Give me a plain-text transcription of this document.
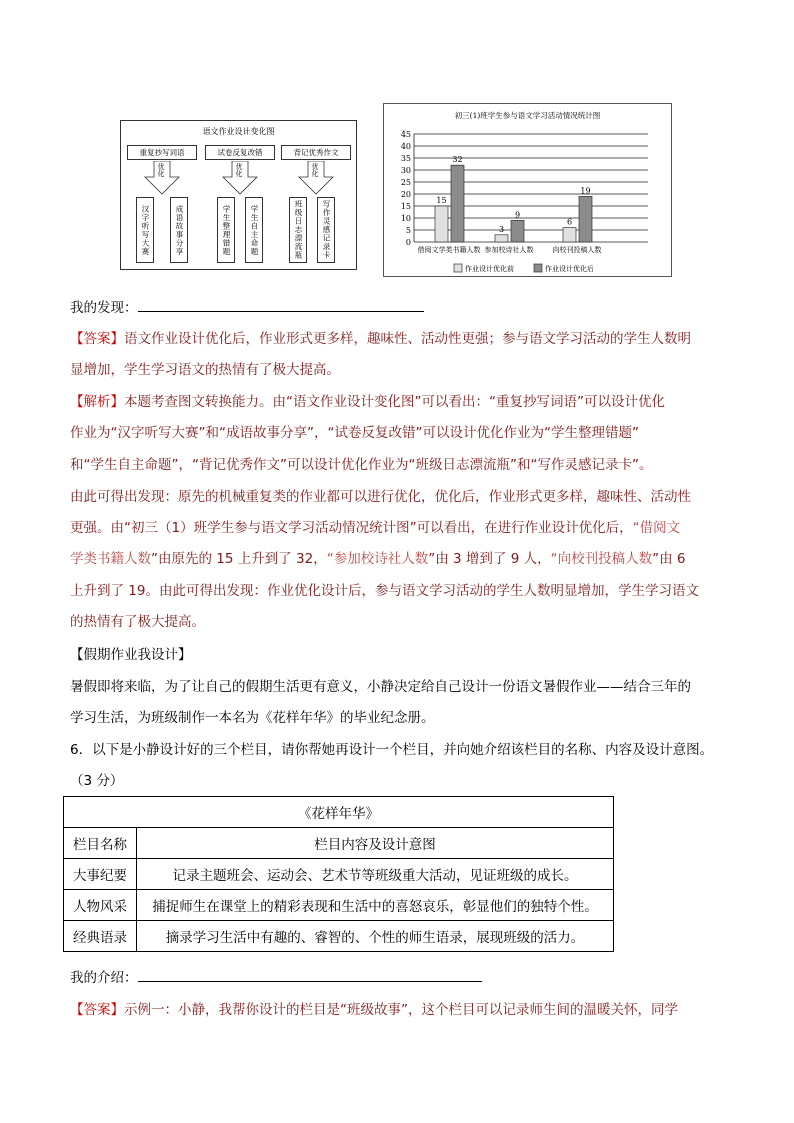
语文作业设计变化图
重复抄写词语
优化
汉字听写大赛	成语故事分享
试卷反复改错
优化
学生整理错题	学生自主命题
背记优秀作文
优化
班级日志漂流瓶	写作灵感记录卡
初三(1)班学生参与语文学习活动情况统计图
0
5
10
15
20
25
30
35
40
45
15
32
借阅文学类书籍人数
3
9
参加校诗社人数
6
19
向校刊投稿人数
作业设计优化前	作业设计优化后
我的发现：
【答案】语文作业设计优化后，作业形式更多样，趣味性、活动性更强；参与语文学习活动的学生人数明
显增加，学生学习语文的热情有了极大提高。
【解析】本题考查图文转换能力。由“语文作业设计变化图”可以看出：“重复抄写词语”可以设计优化
作业为“汉字听写大赛”和“成语故事分享”，“试卷反复改错”可以设计优化作业为“学生整理错题”
和“学生自主命题”，“背记优秀作文”可以设计优化作业为“班级日志漂流瓶”和“写作灵感记录卡”。
由此可得出发现：原先的机械重复类的作业都可以进行优化，优化后，作业形式更多样，趣味性、活动性
更强。由“初三（1）班学生参与语文学习活动情况统计图”可以看出，在进行作业设计优化后，“借阅文
学类书籍人数”由原先的 15 上升到了 32，“参加校诗社人数”由 3 增到了 9 人，“向校刊投稿人数”由 6
上升到了 19。由此可得出发现：作业优化设计后，参与语文学习活动的学生人数明显增加，学生学习语文
的热情有了极大提高。
【假期作业我设计】
暑假即将来临，为了让自己的假期生活更有意义，小静决定给自己设计一份语文暑假作业——结合三年的
学习生活，为班级制作一本名为《花样年华》的毕业纪念册。
6．以下是小静设计好的三个栏目，请你帮她再设计一个栏目，并向她介绍该栏目的名称、内容及设计意图。
（3 分）
《花样年华》	
栏目名称	栏目内容及设计意图
大事纪要	记录主题班会、运动会、艺术节等班级重大活动，见证班级的成长。
人物风采	捕捉师生在课堂上的精彩表现和生活中的喜怒哀乐，彰显他们的独特个性。
经典语录	摘录学习生活中有趣的、睿智的、个性的师生语录，展现班级的活力。
我的介绍：
【答案】示例一：小静，我帮你设计的栏目是“班级故事”，这个栏目可以记录师生间的温暖关怀，同学
